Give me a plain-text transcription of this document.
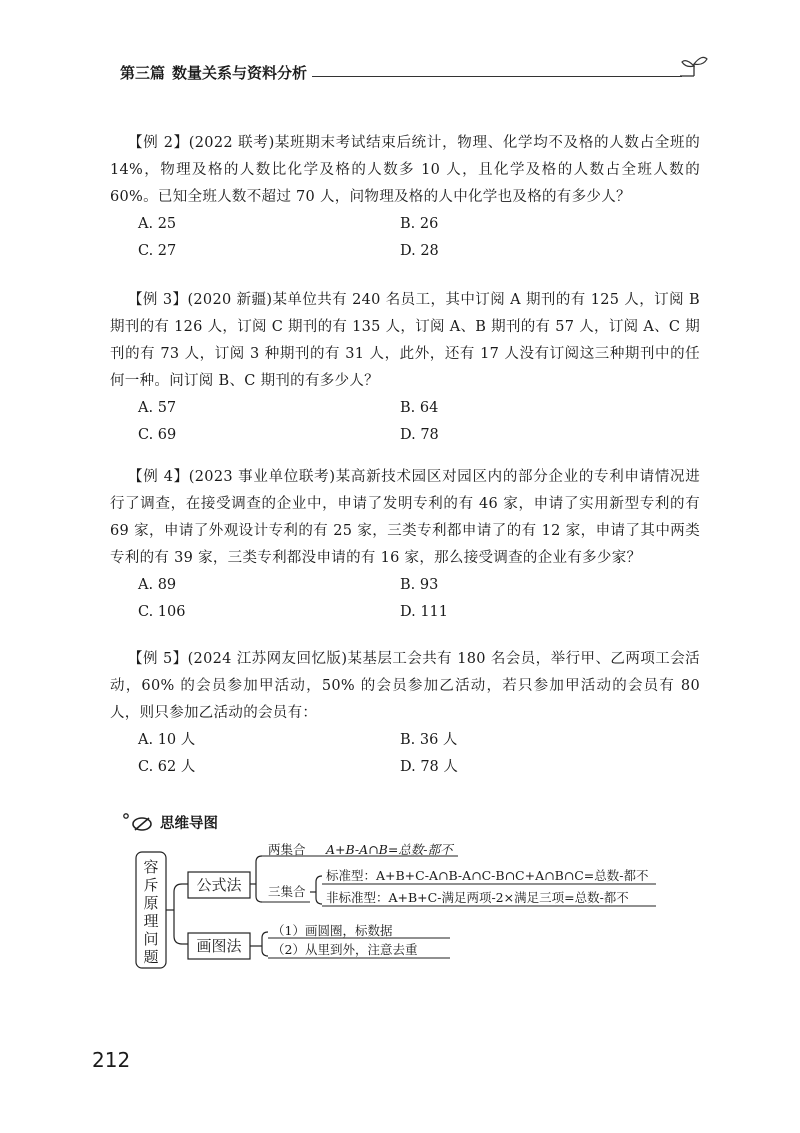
第三篇 数量关系与资料分析
【例 2】(2022 联考)某班期末考试结束后统计，物理、化学均不及格的人数占全班的 14%，物理及格的人数比化学及格的人数多 10 人，且化学及格的人数占全班人数的 60%。已知全班人数不超过 70 人，问物理及格的人中化学也及格的有多少人？
A. 25	B. 26
C. 27	D. 28
【例 3】(2020 新疆)某单位共有 240 名员工，其中订阅 A 期刊的有 125 人，订阅 B 期刊的有 126 人，订阅 C 期刊的有 135 人，订阅 A、B 期刊的有 57 人，订阅 A、C 期刊的有 73 人，订阅 3 种期刊的有 31 人，此外，还有 17 人没有订阅这三种期刊中的任何一种。问订阅 B、C 期刊的有多少人？
A. 57	B. 64
C. 69	D. 78
【例 4】(2023 事业单位联考)某高新技术园区对园区内的部分企业的专利申请情况进行了调查，在接受调查的企业中，申请了发明专利的有 46 家，申请了实用新型专利的有 69 家，申请了外观设计专利的有 25 家，三类专利都申请了的有 12 家，申请了其中两类专利的有 39 家，三类专利都没申请的有 16 家，那么接受调查的企业有多少家？
A. 89	B. 93
C. 106	D. 111
【例 5】(2024 江苏网友回忆版)某基层工会共有 180 名会员，举行甲、乙两项工会活动，60% 的会员参加甲活动，50% 的会员参加乙活动，若只参加甲活动的会员有 80 人，则只参加乙活动的会员有：
A. 10 人	B. 36 人
C. 62 人	D. 78 人
思维导图
容
斥
原
理
问
题
公式法
画图法
两集合 A+B-A∩B=总数-都不
三集合
标准型：A+B+C-A∩B-A∩C-B∩C+A∩B∩C=总数-都不
非标准型：A+B+C-满足两项-2×满足三项=总数-都不
（1）画圆圈，标数据
（2）从里到外，注意去重
212
